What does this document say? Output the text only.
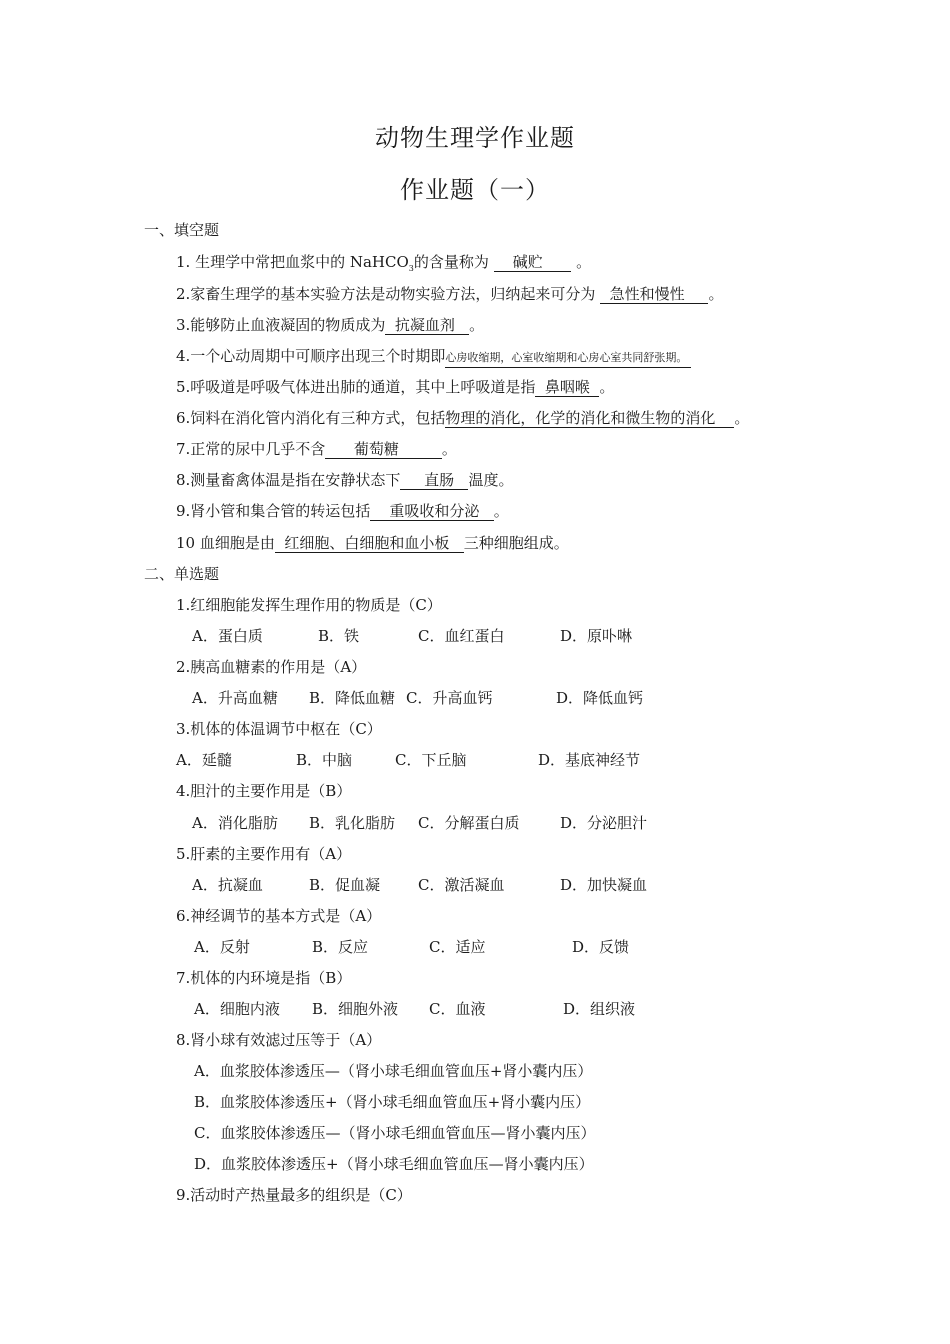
动物生理学作业题
作业题（一）
一、填空题
1. 生理学中常把血浆中的 NaHCO$_3$的含量称为     碱贮       。
2.家畜生理学的基本实验方法是动物实验方法，归纳起来可分为   急性和慢性     。
3.能够防止血液凝固的物质成为  抗凝血剂   。
4.一个心动周期中可顺序出现三个时期即心房收缩期，心室收缩期和心房心室共同舒张期。
5.呼吸道是呼吸气体进出肺的通道，其中上呼吸道是指  鼻咽喉  。
6.饲料在消化管内消化有三种方式，包括物理的消化，化学的消化和微生物的消化    。
7.正常的尿中几乎不含      葡萄糖         。
8.测量畜禽体温是指在安静状态下     直肠   温度。
9.肾小管和集合管的转运包括    重吸收和分泌   。
10 血细胞是由  红细胞、白细胞和血小板   三种细胞组成。
二、单选题
1.红细胞能发挥生理作用的物质是（C）
A．蛋白质	B．铁	C．血红蛋白	D．原卟啉
2.胰高血糖素的作用是（A）
A．升高血糖 B．降低血糖 C．升高血钙	D．降低血钙
3.机体的体温调节中枢在（C）
A．延髓	B．中脑	C．下丘脑	D．基底神经节
4.胆汁的主要作用是（B）
A．消化脂肪 B．乳化脂肪 C．分解蛋白质	D．分泌胆汁
5.肝素的主要作用有（A）
A．抗凝血	B．促血凝	C．激活凝血	D．加快凝血
6.神经调节的基本方式是（A）
A．反射	B．反应	C．适应	D．反馈
7.机体的内环境是指（B）
A．细胞内液 B．细胞外液 C．血液	D．组织液
8.肾小球有效滤过压等于（A）
A．血浆胶体渗透压—（肾小球毛细血管血压+肾小囊内压）
B．血浆胶体渗透压+（肾小球毛细血管血压+肾小囊内压）
C．血浆胶体渗透压—（肾小球毛细血管血压—肾小囊内压）
D．血浆胶体渗透压+（肾小球毛细血管血压—肾小囊内压）
9.活动时产热量最多的组织是（C）
